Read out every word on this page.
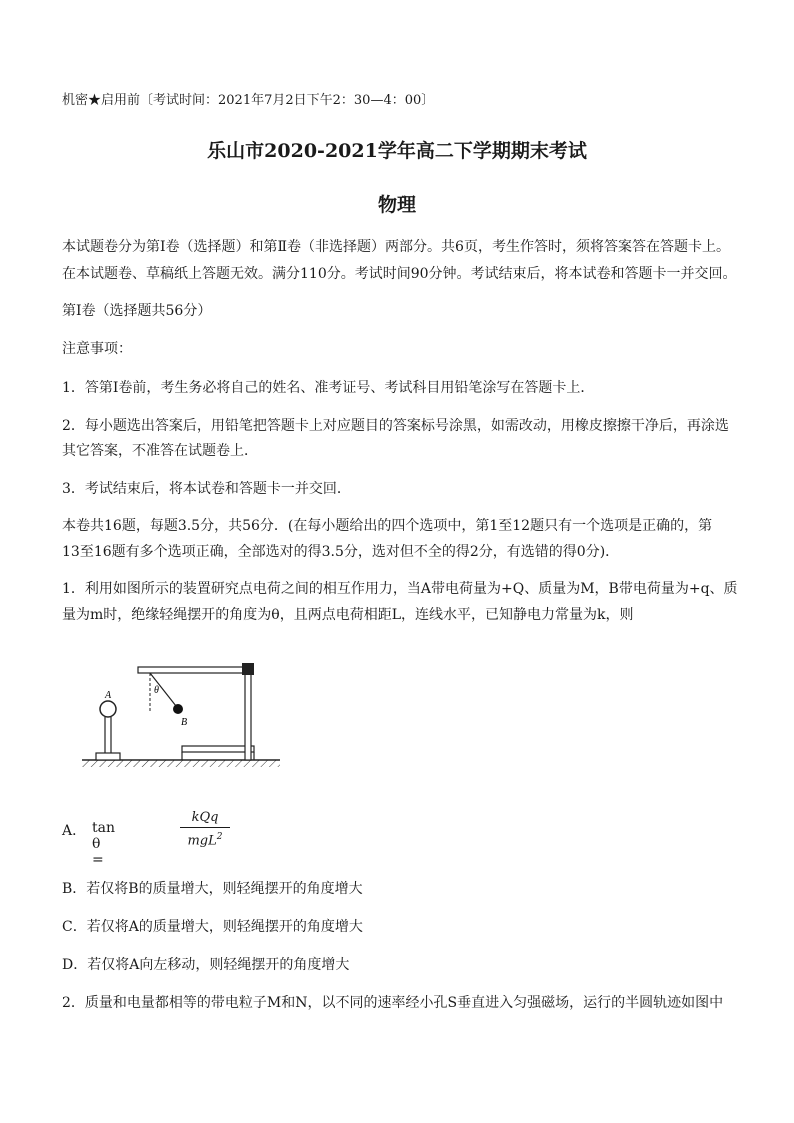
机密★启用前〔考试时间：2021年7月2日下午2：30—4：00〕
乐山市2020-2021学年高二下学期期末考试
物理
本试题卷分为第Ⅰ卷（选择题）和第Ⅱ卷（非选择题）两部分。共6页，考生作答时，须将答案答在答题卡上。
在本试题卷、草稿纸上答题无效。满分110分。考试时间90分钟。考试结束后，将本试卷和答题卡一并交回。
第Ⅰ卷（选择题共56分）
注意事项：
1．答第Ⅰ卷前，考生务必将自己的姓名、准考证号、考试科目用铅笔涂写在答题卡上．
2．每小题选出答案后，用铅笔把答题卡上对应题目的答案标号涂黑，如需改动，用橡皮擦擦干净后，再涂选
其它答案，不准答在试题卷上．
3．考试结束后，将本试卷和答题卡一并交回．
本卷共16题，每题3.5分，共56分．(在每小题给出的四个选项中，第1至12题只有一个选项是正确的，第
13至16题有多个选项正确，全部选对的得3.5分，选对但不全的得2分，有选错的得0分)．
1．利用如图所示的装置研究点电荷之间的相互作用力，当A带电荷量为+Q、质量为M，B带电荷量为+q、质
量为m时，绝缘轻绳摆开的角度为θ，且两点电荷相距L，连线水平，已知静电力常量为k，则
A	θ
B
A． tan θ =
kQq
mgL$^2$
B．若仅将B的质量增大，则轻绳摆开的角度增大
C．若仅将A的质量增大，则轻绳摆开的角度增大
D．若仅将A向左移动，则轻绳摆开的角度增大
2．质量和电量都相等的带电粒子M和N，以不同的速率经小孔S垂直进入匀强磁场，运行的半圆轨迹如图中
